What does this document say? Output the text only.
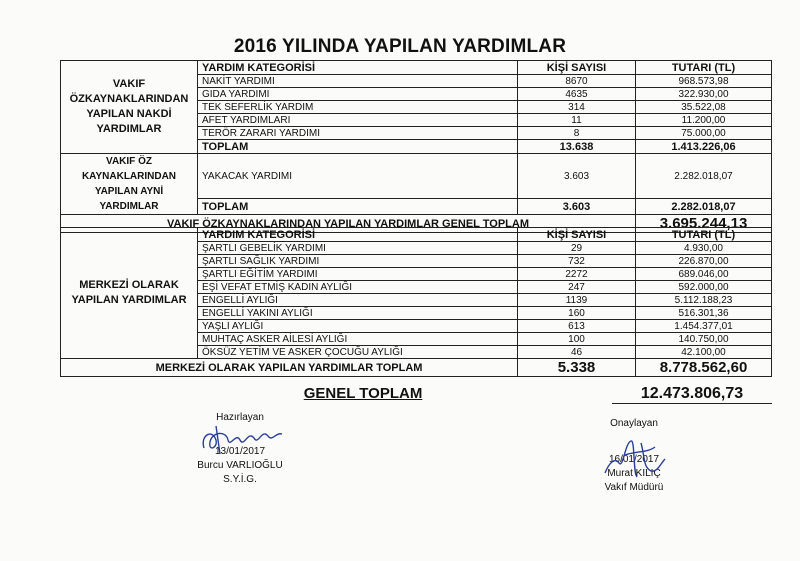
2016 YILINDA YAPILAN YARDIMLAR
VAKIF ÖZKAYNAKLARINDAN YAPILAN NAKDİ YARDIMLAR	YARDIM KATEGORİSİ	KİŞİ SAYISI	TUTARI (TL)
	NAKİT YARDIMI	8670	968.573,98
	GIDA YARDIMI	4635	322.930,00
	TEK SEFERLİK YARDIM	314	35.522,08
	AFET YARDIMLARI	11	11.200,00
	TERÖR ZARARI YARDIMI	8	75.000,00
	TOPLAM	13.638	1.413.226,06
VAKIF ÖZ KAYNAKLARINDAN YAPILAN AYNİ YARDIMLAR	YAKACAK YARDIMI	3.603	2.282.018,07
	TOPLAM	3.603	2.282.018,07
VAKIF ÖZKAYNAKLARINDAN YAPILAN YARDIMLAR GENEL TOPLAM			3.695.244,13
MERKEZİ OLARAK YAPILAN YARDIMLAR	YARDIM KATEGORİSİ	KİŞİ SAYISI	TUTARI (TL)
	ŞARTLI GEBELİK YARDIMI	29	4.930,00
	ŞARTLI SAĞLIK YARDIMI	732	226.870,00
	ŞARTLI EĞİTİM YARDIMI	2272	689.046,00
	EŞİ VEFAT ETMİŞ KADIN AYLIĞI	247	592.000,00
	ENGELLİ AYLIĞI	1139	5.112.188,23
	ENGELLİ YAKINI AYLIĞI	160	516.301,36
	YAŞLI AYLIĞI	613	1.454.377,01
	MUHTAÇ ASKER AİLESİ AYLIĞI	100	140.750,00
	ÖKSÜZ YETİM VE ASKER ÇOCUĞU AYLIĞI	46	42.100,00
MERKEZİ OLARAK YAPILAN YARDIMLAR TOPLAM		5.338	8.778.562,60
GENEL TOPLAM	12.473.806,73
Hazırlayan
13/01/2017
Burcu VARLIOĞLU
S.Y.İ.G.
Onaylayan
16/01/2017
Murat KILIÇ
Vakıf Müdürü
